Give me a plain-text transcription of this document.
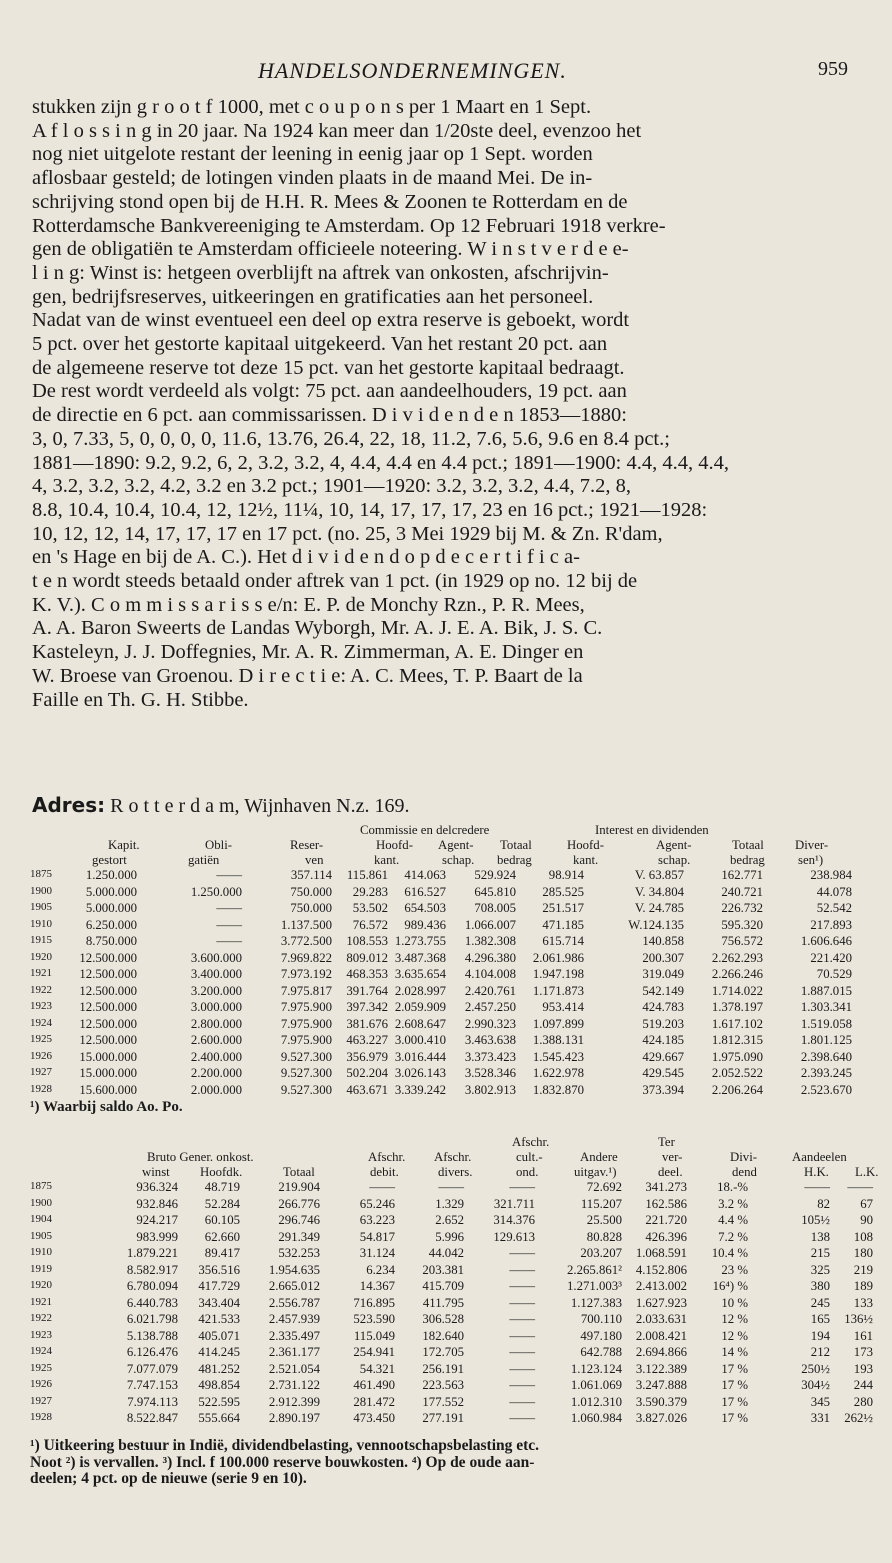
HANDELSONDERNEMINGEN.	959
stukken zijn g r o o t f 1000, met c o u p o n s per 1 Maart en 1 Sept.
A f l o s s i n g in 20 jaar. Na 1924 kan meer dan 1/20ste deel, evenzoo het
nog niet uitgelote restant der leening in eenig jaar op 1 Sept. worden
aflosbaar gesteld; de lotingen vinden plaats in de maand Mei. De in-
schrijving stond open bij de H.H. R. Mees & Zoonen te Rotterdam en de
Rotterdamsche Bankvereeniging te Amsterdam. Op 12 Februari 1918 verkre-
gen de obligatiën te Amsterdam officieele noteering. W i n s t v e r d e e-
l i n g: Winst is: hetgeen overblijft na aftrek van onkosten, afschrijvin-
gen, bedrijfsreserves, uitkeeringen en gratificaties aan het personeel.
Nadat van de winst eventueel een deel op extra reserve is geboekt, wordt
5 pct. over het gestorte kapitaal uitgekeerd. Van het restant 20 pct. aan
de algemeene reserve tot deze 15 pct. van het gestorte kapitaal bedraagt.
De rest wordt verdeeld als volgt: 75 pct. aan aandeelhouders, 19 pct. aan
de directie en 6 pct. aan commissarissen. D i v i d e n d e n 1853—1880:
3, 0, 7.33, 5, 0, 0, 0, 0, 11.6, 13.76, 26.4, 22, 18, 11.2, 7.6, 5.6, 9.6 en 8.4 pct.;
1881—1890: 9.2, 9.2, 6, 2, 3.2, 3.2, 4, 4.4, 4.4 en 4.4 pct.; 1891—1900: 4.4, 4.4, 4.4,
4, 3.2, 3.2, 3.2, 4.2, 3.2 en 3.2 pct.; 1901—1920: 3.2, 3.2, 3.2, 4.4, 7.2, 8,
8.8, 10.4, 10.4, 10.4, 12, 12½, 11¼, 10, 14, 17, 17, 17, 23 en 16 pct.; 1921—1928:
10, 12, 12, 14, 17, 17, 17 en 17 pct. (no. 25, 3 Mei 1929 bij M. & Zn. R'dam,
en 's Hage en bij de A. C.). Het d i v i d e n d o p d e c e r t i f i c a-
t e n wordt steeds betaald onder aftrek van 1 pct. (in 1929 op no. 12 bij de
K. V.). C o m m i s s a r i s s e/n: E. P. de Monchy Rzn., P. R. Mees,
A. A. Baron Sweerts de Landas Wyborgh, Mr. A. J. E. A. Bik, J. S. C.
Kasteleyn, J. J. Doffegnies, Mr. A. R. Zimmerman, A. E. Dinger en
W. Broese van Groenou. D i r e c t i e: A. C. Mees, T. P. Baart de la
Faille en Th. G. H. Stibbe.
Adres: R o t t e r d a m, Wijnhaven N.z. 169.
Commissie en delcredere	Interest en dividenden
Kapit.	Obli-	Reser-	Hoofd- Agent- Totaal	Hoofd-	Agent-	Totaal Diver-
gestort	gatiën	ven	kant.	schap. bedrag	kant.	schap.	bedrag	sen¹)
1875	1.250.000	——	357.114 115.861 414.063 529.924	98.914	V. 63.857	162.771	238.984
1900	5.000.000	1.250.000	750.000 29.283 616.527 645.810 285.525	V. 34.804	240.721	44.078
1905	5.000.000	——	750.000 53.502 654.503 708.005 251.517	V. 24.785	226.732	52.542
1910	6.250.000	——	1.137.500 76.572 989.436 1.066.007 471.185	W.124.135	595.320	217.893
1915	8.750.000	——	3.772.500 108.553 1.273.755 1.382.308 615.714	140.858	756.572	1.606.646
1920 12.500.000	3.600.000	7.969.822 809.012 3.487.368 4.296.380 2.061.986	200.307 2.262.293	221.420
1921 12.500.000	3.400.000	7.973.192 468.353 3.635.654 4.104.008 1.947.198	319.049 2.266.246	70.529
1922 12.500.000	3.200.000	7.975.817 391.764 2.028.997 2.420.761 1.171.873	542.149 1.714.022	1.887.015
1923 12.500.000	3.000.000	7.975.900 397.342 2.059.909 2.457.250 953.414	424.783 1.378.197	1.303.341
1924 12.500.000	2.800.000	7.975.900 381.676 2.608.647 2.990.323 1.097.899	519.203 1.617.102	1.519.058
1925 12.500.000	2.600.000	7.975.900 463.227 3.000.410 3.463.638 1.388.131	424.185 1.812.315	1.801.125
1926 15.000.000	2.400.000	9.527.300 356.979 3.016.444 3.373.423 1.545.423	429.667 1.975.090	2.398.640
1927 15.000.000	2.200.000	9.527.300 502.204 3.026.143 3.528.346 1.622.978	429.545 2.052.522	2.393.245
1928 15.600.000	2.000.000	9.527.300 463.671 3.339.242 3.802.913 1.832.870	373.394 2.206.264	2.523.670
¹) Waarbij saldo Ao. Po.
Afschr.	Ter
Bruto Gener. onkost.	Afschr. Afschr.	cult.-	Andere	ver-	Divi-	Aandeelen
winst Hoofdk.	Totaal	debit.	divers.	ond.	uitgav.¹)	deel.	dend	H.K. L.K.
1875	936.324 48.719	219.904	——	——	——	72.692 341.273 18.-%	—— ——
1900	932.846 52.284	266.776	65.246	1.329 321.711	115.207 162.586 3.2 %	82 67
1904	924.217 60.105	296.746	63.223	2.652 314.376	25.500 221.720 4.4 %	105½ 90
1905	983.999 62.660	291.349	54.817	5.996 129.613	80.828 426.396 7.2 %	138 108
1910	1.879.221 89.417	532.253	31.124	44.042	——	203.207 1.068.591 10.4 %	215 180
1919	8.582.917 356.516 1.954.635	6.234 203.381	—— 2.265.861² 4.152.806	23 %	325 219
1920	6.780.094 417.729 2.665.012	14.367 415.709	—— 1.271.003³ 2.413.002 16⁴) %	380 189
1921	6.440.783 343.404 2.556.787	716.895 411.795	——	1.127.383 1.627.923	10 %	245 133
1922	6.021.798 421.533 2.457.939	523.590 306.528	——	700.110 2.033.631	12 %	165 136½
1923	5.138.788 405.071 2.335.497	115.049 182.640	——	497.180 2.008.421	12 %	194 161
1924	6.126.476 414.245 2.361.177	254.941 172.705	——	642.788 2.694.866	14 %	212 173
1925	7.077.079 481.252 2.521.054	54.321 256.191	——	1.123.124 3.122.389	17 %	250½ 193
1926	7.747.153 498.854 2.731.122	461.490 223.563	——	1.061.069 3.247.888	17 %	304½ 244
1927	7.974.113 522.595 2.912.399	281.472 177.552	——	1.012.310 3.590.379	17 %	345 280
1928	8.522.847 555.664 2.890.197	473.450 277.191	——	1.060.984 3.827.026	17 %	331 262½
¹) Uitkeering bestuur in Indië, dividendbelasting, vennootschapsbelasting etc.
Noot ²) is vervallen. ³) Incl. f 100.000 reserve bouwkosten. ⁴) Op de oude aan-
deelen; 4 pct. op de nieuwe (serie 9 en 10).
